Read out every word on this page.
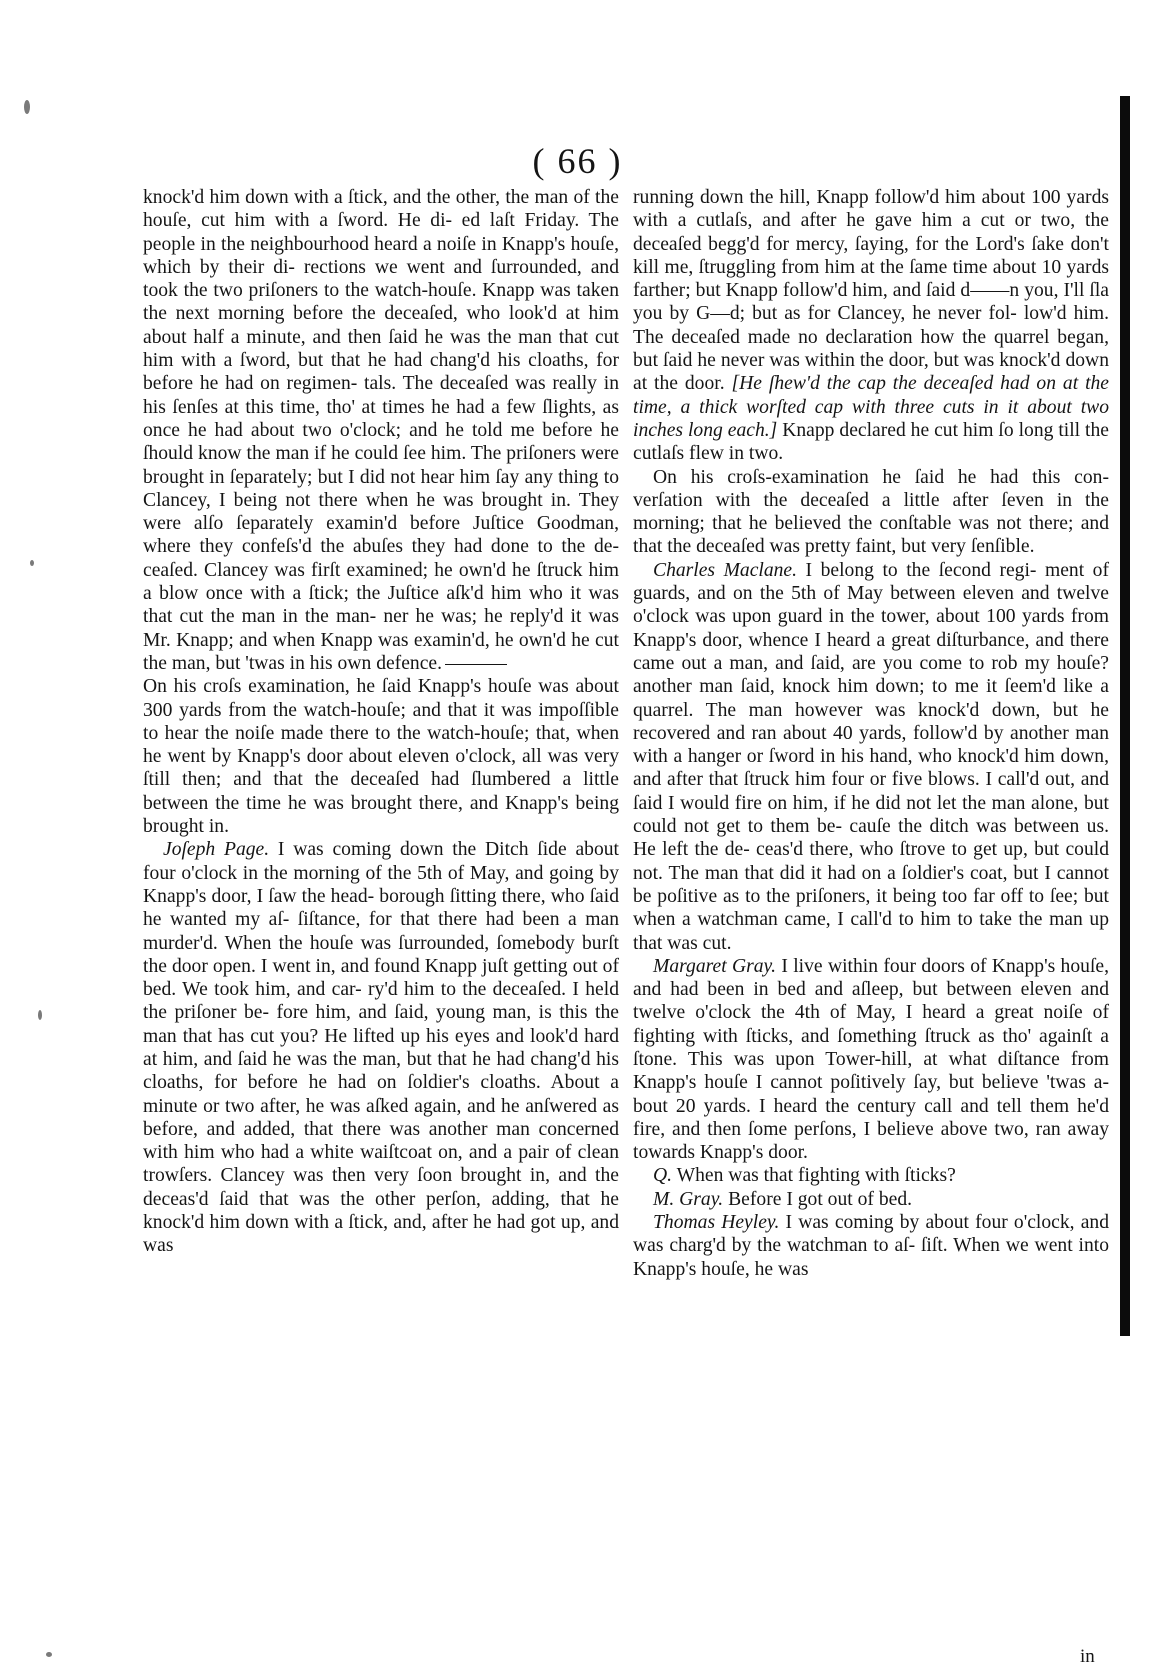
( 66 )

knock'd him down with a ſtick, and the other, the man of the houſe, cut him with a ſword. He di- ed laſt Friday. The people in the neighbourhood heard a noiſe in Knapp's houſe, which by their di- rections we went and ſurrounded, and took the two priſoners to the watch-houſe. Knapp was taken the next morning before the deceaſed, who look'd at him about half a minute, and then ſaid he was the man that cut him with a ſword, but that he had chang'd his cloaths, for before he had on regimen- tals. The deceaſed was really in his ſenſes at this time, tho' at times he had a few ſlights, as once he had about two o'clock; and he told me before he ſhould know the man if he could ſee him. The priſoners were brought in ſeparately; but I did not hear him ſay any thing to Clancey, I being not there when he was brought in. They were alſo ſeparately examin'd before Juſtice Goodman, where they confeſs'd the abuſes they had done to the de- ceaſed. Clancey was firſt examined; he own'd he ſtruck him a blow once with a ſtick; the Juſtice aſk'd him who it was that cut the man in the man- ner he was; he reply'd it was Mr. Knapp; and when Knapp was examin'd, he own'd he cut the man, but 'twas in his own defence.

On his croſs examination, he ſaid Knapp's houſe was about 300 yards from the watch-houſe; and that it was impoſſible to hear the noiſe made there to the watch-houſe; that, when he went by Knapp's door about eleven o'clock, all was very ſtill then; and that the deceaſed had ſlumbered a little between the time he was brought there, and Knapp's being brought in.

Joſeph Page. I was coming down the Ditch ſide about four o'clock in the morning of the 5th of May, and going by Knapp's door, I ſaw the head- borough ſitting there, who ſaid he wanted my aſ- ſiſtance, for that there had been a man murder'd. When the houſe was ſurrounded, ſomebody burſt the door open. I went in, and found Knapp juſt getting out of bed. We took him, and car- ry'd him to the deceaſed. I held the priſoner be- fore him, and ſaid, young man, is this the man that has cut you? He lifted up his eyes and look'd hard at him, and ſaid he was the man, but that he had chang'd his cloaths, for before he had on ſoldier's cloaths. About a minute or two after, he was aſked again, and he anſwered as before, and added, that there was another man concerned with him who had a white waiſtcoat on, and a pair of clean trowſers. Clancey was then very ſoon brought in, and the deceas'd ſaid that was the other perſon, adding, that he knock'd him down with a ſtick, and, after he had got up, and was

running down the hill, Knapp follow'd him about 100 yards with a cutlaſs, and after he gave him a cut or two, the deceaſed begg'd for mercy, ſaying, for the Lord's ſake don't kill me, ſtruggling from him at the ſame time about 10 yards farther; but Knapp follow'd him, and ſaid d——n you, I'll ſla you by G—d; but as for Clancey, he never fol- low'd him. The deceaſed made no declaration how the quarrel began, but ſaid he never was within the door, but was knock'd down at the door. [He ſhew'd the cap the deceaſed had on at the time, a thick worſted cap with three cuts in it about two inches long each.] Knapp declared he cut him ſo long till the cutlaſs flew in two.

On his croſs-examination he ſaid he had this con- verſation with the deceaſed a little after ſeven in the morning; that he believed the conſtable was not there; and that the deceaſed was pretty faint, but very ſenſible.

Charles Maclane. I belong to the ſecond regi- ment of guards, and on the 5th of May between eleven and twelve o'clock was upon guard in the tower, about 100 yards from Knapp's door, whence I heard a great diſturbance, and there came out a man, and ſaid, are you come to rob my houſe? another man ſaid, knock him down; to me it ſeem'd like a quarrel. The man however was knock'd down, but he recovered and ran about 40 yards, follow'd by another man with a hanger or ſword in his hand, who knock'd him down, and after that ſtruck him four or five blows. I call'd out, and ſaid I would fire on him, if he did not let the man alone, but could not get to them be- cauſe the ditch was between us. He left the de- ceas'd there, who ſtrove to get up, but could not. The man that did it had on a ſoldier's coat, but I cannot be poſitive as to the priſoners, it being too far off to ſee; but when a watchman came, I call'd to him to take the man up that was cut.

Margaret Gray. I live within four doors of Knapp's houſe, and had been in bed and aſleep, but between eleven and twelve o'clock the 4th of May, I heard a great noiſe of fighting with ſticks, and ſomething ſtruck as tho' againſt a ſtone. This was upon Tower-hill, at what diſtance from Knapp's houſe I cannot poſitively ſay, but believe 'twas a- bout 20 yards. I heard the century call and tell them he'd fire, and then ſome perſons, I believe above two, ran away towards Knapp's door.

Q. When was that fighting with ſticks?

M. Gray. Before I got out of bed.

Thomas Heyley. I was coming by about four o'clock, and was charg'd by the watchman to aſ- ſiſt. When we went into Knapp's houſe, he was

in
